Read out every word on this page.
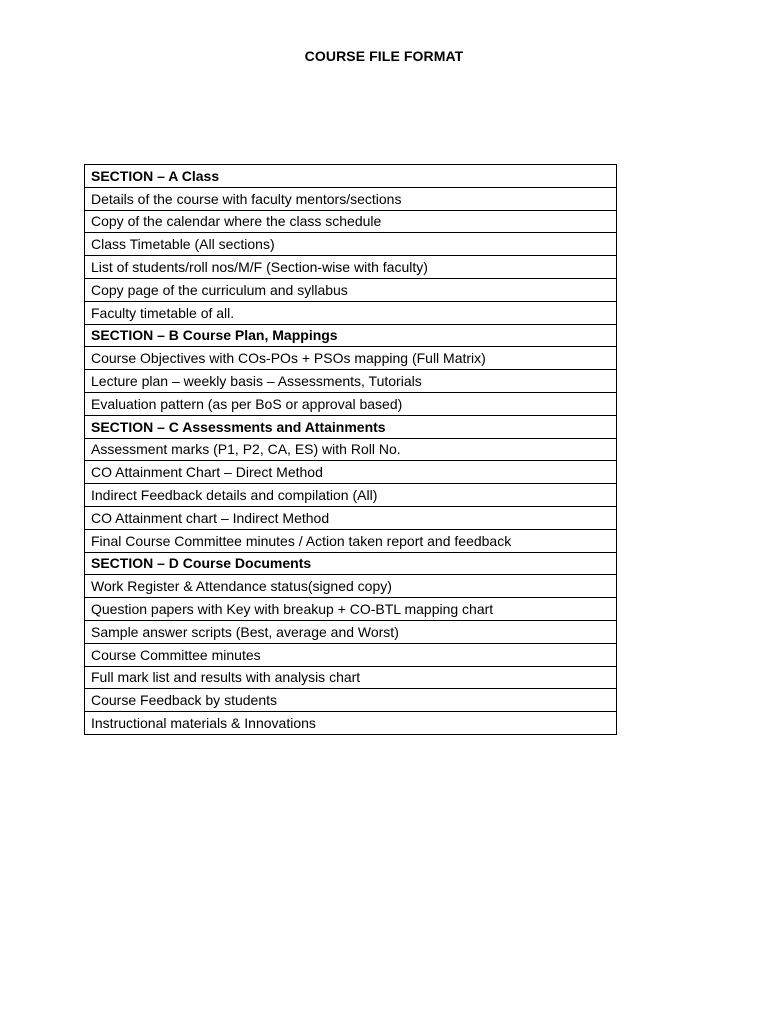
COURSE FILE FORMAT
SECTION – A Class
Details of the course with faculty mentors/sections
Copy of the calendar where the class schedule
Class Timetable (All sections)
List of students/roll nos/M/F (Section-wise with faculty)
Copy page of the curriculum and syllabus
Faculty timetable of all.
SECTION – B Course Plan, Mappings
Course Objectives with COs-POs + PSOs mapping (Full Matrix)
Lecture plan – weekly basis – Assessments, Tutorials
Evaluation pattern (as per BoS or approval based)
SECTION – C Assessments and Attainments
Assessment marks (P1, P2, CA, ES) with Roll No.
CO Attainment Chart – Direct Method
Indirect Feedback details and compilation (All)
CO Attainment chart – Indirect Method
Final Course Committee minutes / Action taken report and feedback
SECTION – D Course Documents
Work Register & Attendance status(signed copy)
Question papers with Key with breakup + CO-BTL mapping chart
Sample answer scripts (Best, average and Worst)
Course Committee minutes
Full mark list and results with analysis chart
Course Feedback by students
Instructional materials & Innovations
